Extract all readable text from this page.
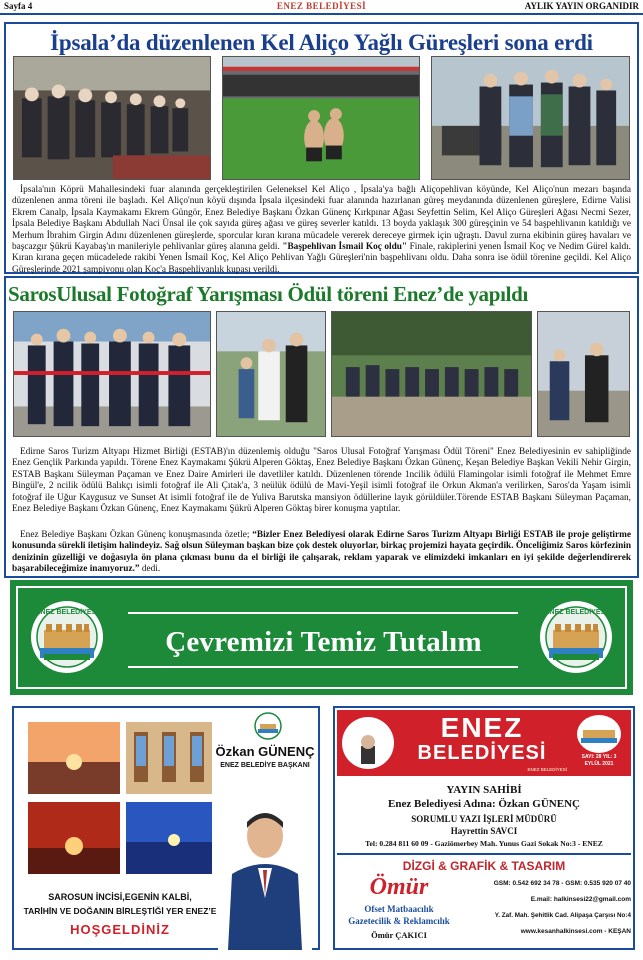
Sayfa 4	ENEZ BELEDİYESİ	AYLIK YAYIN ORGANIDIR
İpsala’da düzenlenen Kel Aliço Yağlı Güreşleri sona erdi
İpsala'nın Köprü Mahallesindeki fuar alanında gerçekleştirilen Geleneksel Kel Aliço , İpsala'ya bağlı Aliçopehlivan köyünde, Kel Aliço'nun mezarı başında düzenlenen anma töreni ile başladı. Kel Aliço'nun köyü dışında İpsala ilçesindeki fuar alanında hazırlanan güreş meydanında düzenlenen güreşlere, Edirne Valisi Ekrem Canalp, İpsala Kaymakamı Ekrem Güngör, Enez Belediye Başkanı Özkan Günenç Kırkpınar Ağası Seyfettin Selim, Kel Aliço Güreşleri Ağası Necmi Sezer, İpsala Belediye Başkanı Abdullah Naci Ünsal ile çok sayıda güreş ağası ve güreş severler katıldı. 13 boyda yaklaşık 300 güreşçinin ve 54 başpehlivanın katıldığı ve Merhum İbrahim Girgin Adını düzenlenen güreşlerde, sporcular kıran kırana mücadele vererek dereceye girmek için uğraştı. Davul zurna ekibinin güreş havaları ve başcazgır Şükrü Kayabaş'ın manileriyle pehlivanlar güreş alanına geldi. "Başpehlivan İsmail Koç oldu" Finale, rakiplerini yenen İsmail Koç ve Nedim Gürel kaldı. Kıran kırana geçen mücadelede rakibi Yenen İsmail Koç, Kel Aliço Pehlivan Yağlı Güreşleri'nin başpehlivanı oldu. Daha sonra ise ödül törenine geçildi. Kel Aliço Güreşlerinde 2021 şampiyonu olan Koç'a Başpehlivanlık kupası verildi.
SarosUlusal Fotoğraf Yarışması Ödül töreni Enez’de yapıldı
Edirne Saros Turizm Altyapı Hizmet Birliği (ESTAB)'ın düzenlemiş olduğu "Saros Ulusal Fotoğraf Yarışması Ödül Töreni" Enez Belediyesinin ev sahipliğinde Enez Gençlik Parkında yapıldı. Törene Enez Kaymakamı Şükrü Alperen Göktaş, Enez Belediye Başkanı Özkan Günenç, Keşan Belediye Başkan Vekili Nehir Girgin, ESTAB Başkanı Süleyman Paçaman ve Enez Daire Amirleri ile davetliler katıldı. Düzenlenen törende 1ncilik ödülü Flamingolar isimli fotoğraf ile Mehmet Emre Bingül'e, 2 ncilik ödülü Balıkçı isimli fotoğraf ile Ali Çıtak'a, 3 neülük ödülü de Mavi-Yeşil isimli fotoğraf ile Orkun Akman'a verilirken, Saros'da Yaşam isimli fotoğraf ile Uğur Kaygusuz ve Sunset At isimli fotoğraf ile de Yuliva Barutska mansiyon ödüllerine layık görüldüler.Törende ESTAB Başkanı Süleyman Paçaman, Enez Belediye Başkanı Özkan Günenç, Enez Kaymakamı Şükrü Alperen Göktaş birer konuşma yaptılar.
Enez Belediye Başkanı Özkan Günenç konuşmasında özetle; “Bizler Enez Belediyesi olarak Edirne Saros Turizm Altyapı Birliği ESTAB ile proje geliştirme konusunda sürekli iletişim halindeyiz. Sağ olsun Süleyman başkan bize çok destek oluyorlar, birkaç projemizi hayata geçirdik. Önceliğimiz Saros körfezinin denizinin güzelliği ve doğasıyla ön plana çıkması bunu da el birliği ile çalışarak, reklam yaparak ve elimizdeki imkanları en iyi şekilde değerlendirerek başarabileceğimize inanıyoruz.” dedi.
Çevremizi Temiz Tutalım
ENEZ BELEDİYESİ	ENEZ BELEDİYESİ
Özkan GÜNENÇ
ENEZ BELEDİYE BAŞKANI
SAROSUN İNCİSİ,EGENİN KALBİ,
TARİHİN VE DOĞANIN BİRLEŞTİĞİ YER ENEZ’E
HOŞGELDİNİZ
ENEZ
BELEDİYESİ
ENEZ BELEDİYESİ
SAYI: 28 YIL: 3
EYLÜL 2021
YAYIN SAHİBİ
Enez Belediyesi Adına: Özkan GÜNENÇ
SORUMLU YAZI İŞLERİ MÜDÜRÜ
Hayrettin SAVCI
Tel: 0.284 811 60 09 - Gaziömerbey Mah. Yunus Gazi Sokak No:3 - ENEZ
DİZGİ & GRAFİK & TASARIM
Ömür
Ofset Matbaacılık
Gazetecilik & Reklamcılık
Ömür ÇAKICI
GSM: 0.542 692 34 78 - GSM: 0.535 920 07 40
E.mail: halkinsesi22@gmail.com
Y. Zaf. Mah. Şehitlik Cad. Alipaşa Çarşısı No:4
www.kesanhalkinsesi.com - KEŞAN
